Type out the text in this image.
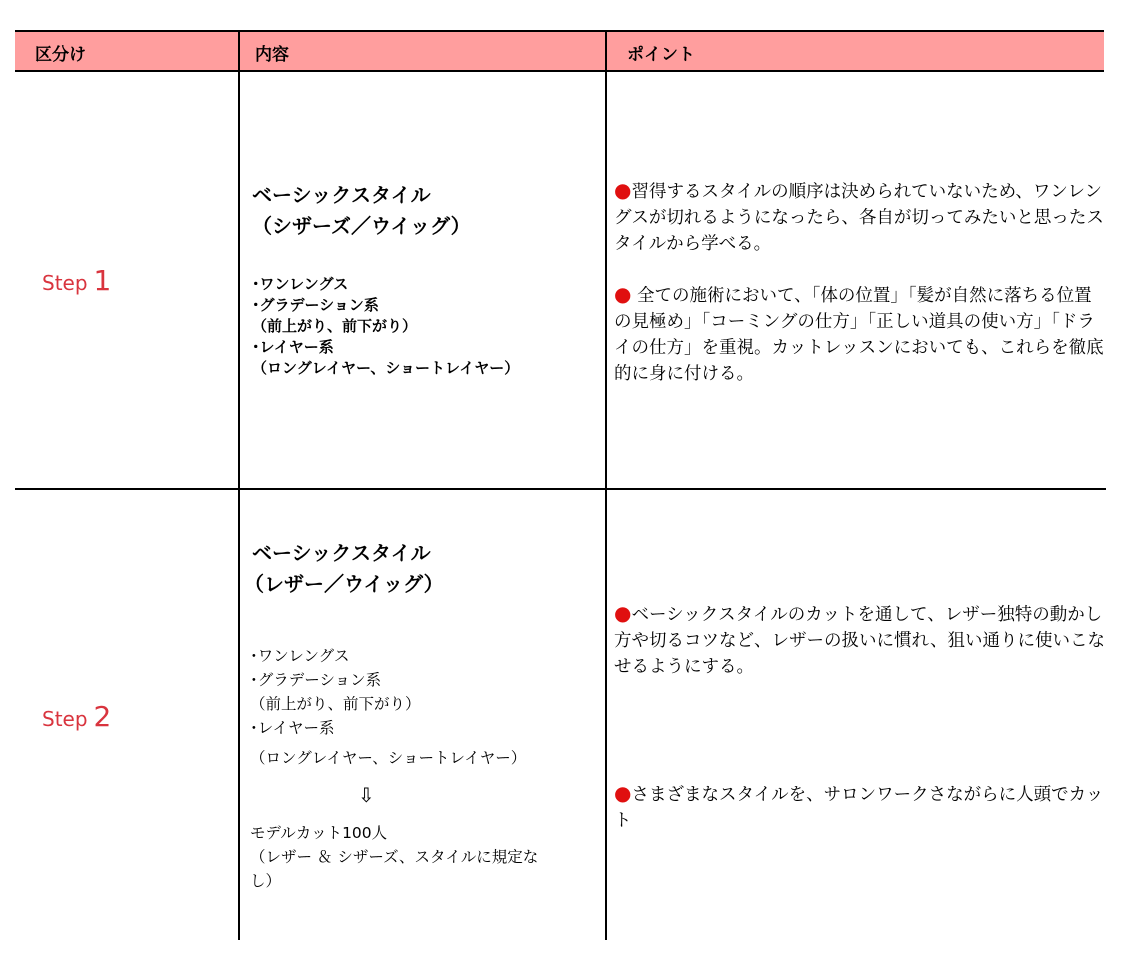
区分け	内容	ポイント
Step 1
ベーシックスタイル
（シザーズ／ウイッグ）
･ワンレングス
･グラデーション系
（前上がり、前下がり）
･レイヤー系
（ロングレイヤー、ショートレイヤー）
●習得するスタイルの順序は決められていないため、ワンレングスが切れるようになったら、各自が切ってみたいと思ったスタイルから学べる。
● 全ての施術において、「体の位置」「髪が自然に落ちる位置の見極め」「コーミングの仕方」「正しい道具の使い方」「ドライの仕方」を重視。カットレッスンにおいても、これらを徹底的に身に付ける。
Step 2
ベーシックスタイル
（レザー／ウイッグ）
･ワンレングス
･グラデーション系
（前上がり、前下がり）
･レイヤー系
（ロングレイヤー、ショートレイヤー）
⇩
モデルカット100人
（レザー ＆ シザーズ、スタイルに規定な
し）
●ベーシックスタイルのカットを通して、レザー独特の動かし方や切るコツなど、レザーの扱いに慣れ、狙い通りに使いこなせるようにする。
●さまざまなスタイルを、サロンワークさながらに人頭でカット
